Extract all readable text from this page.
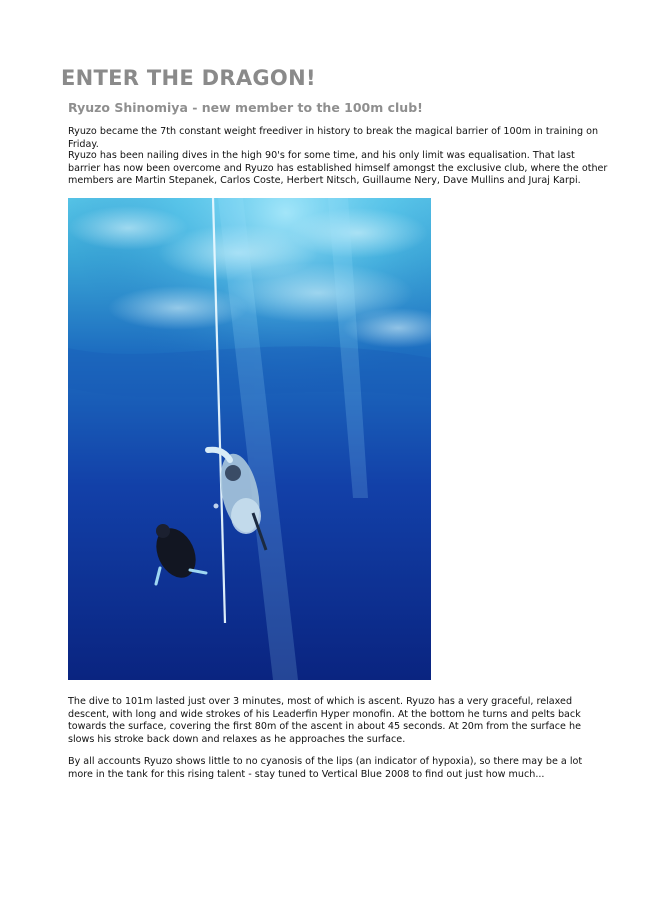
ENTER THE DRAGON!
Ryuzo Shinomiya - new member to the 100m club!

Ryuzo became the 7th constant weight freediver in history to break the magical barrier of 100m in training on Friday.

Ryuzo has been nailing dives in the high 90's for some time, and his only limit was equalisation. That last barrier has now been overcome and Ryuzo has established himself amongst the exclusive club, where the other members are Martin Stepanek, Carlos Coste, Herbert Nitsch, Guillaume Nery, Dave Mullins and Juraj Karpi.

The dive to 101m lasted just over 3 minutes, most of which is ascent. Ryuzo has a very graceful, relaxed descent, with long and wide strokes of his Leaderfin Hyper monofin. At the bottom he turns and pelts back towards the surface, covering the first 80m of the ascent in about 45 seconds. At 20m from the surface he slows his stroke back down and relaxes as he approaches the surface.

By all accounts Ryuzo shows little to no cyanosis of the lips (an indicator of hypoxia), so there may be a lot more in the tank for this rising talent - stay tuned to Vertical Blue 2008 to find out just how much...
